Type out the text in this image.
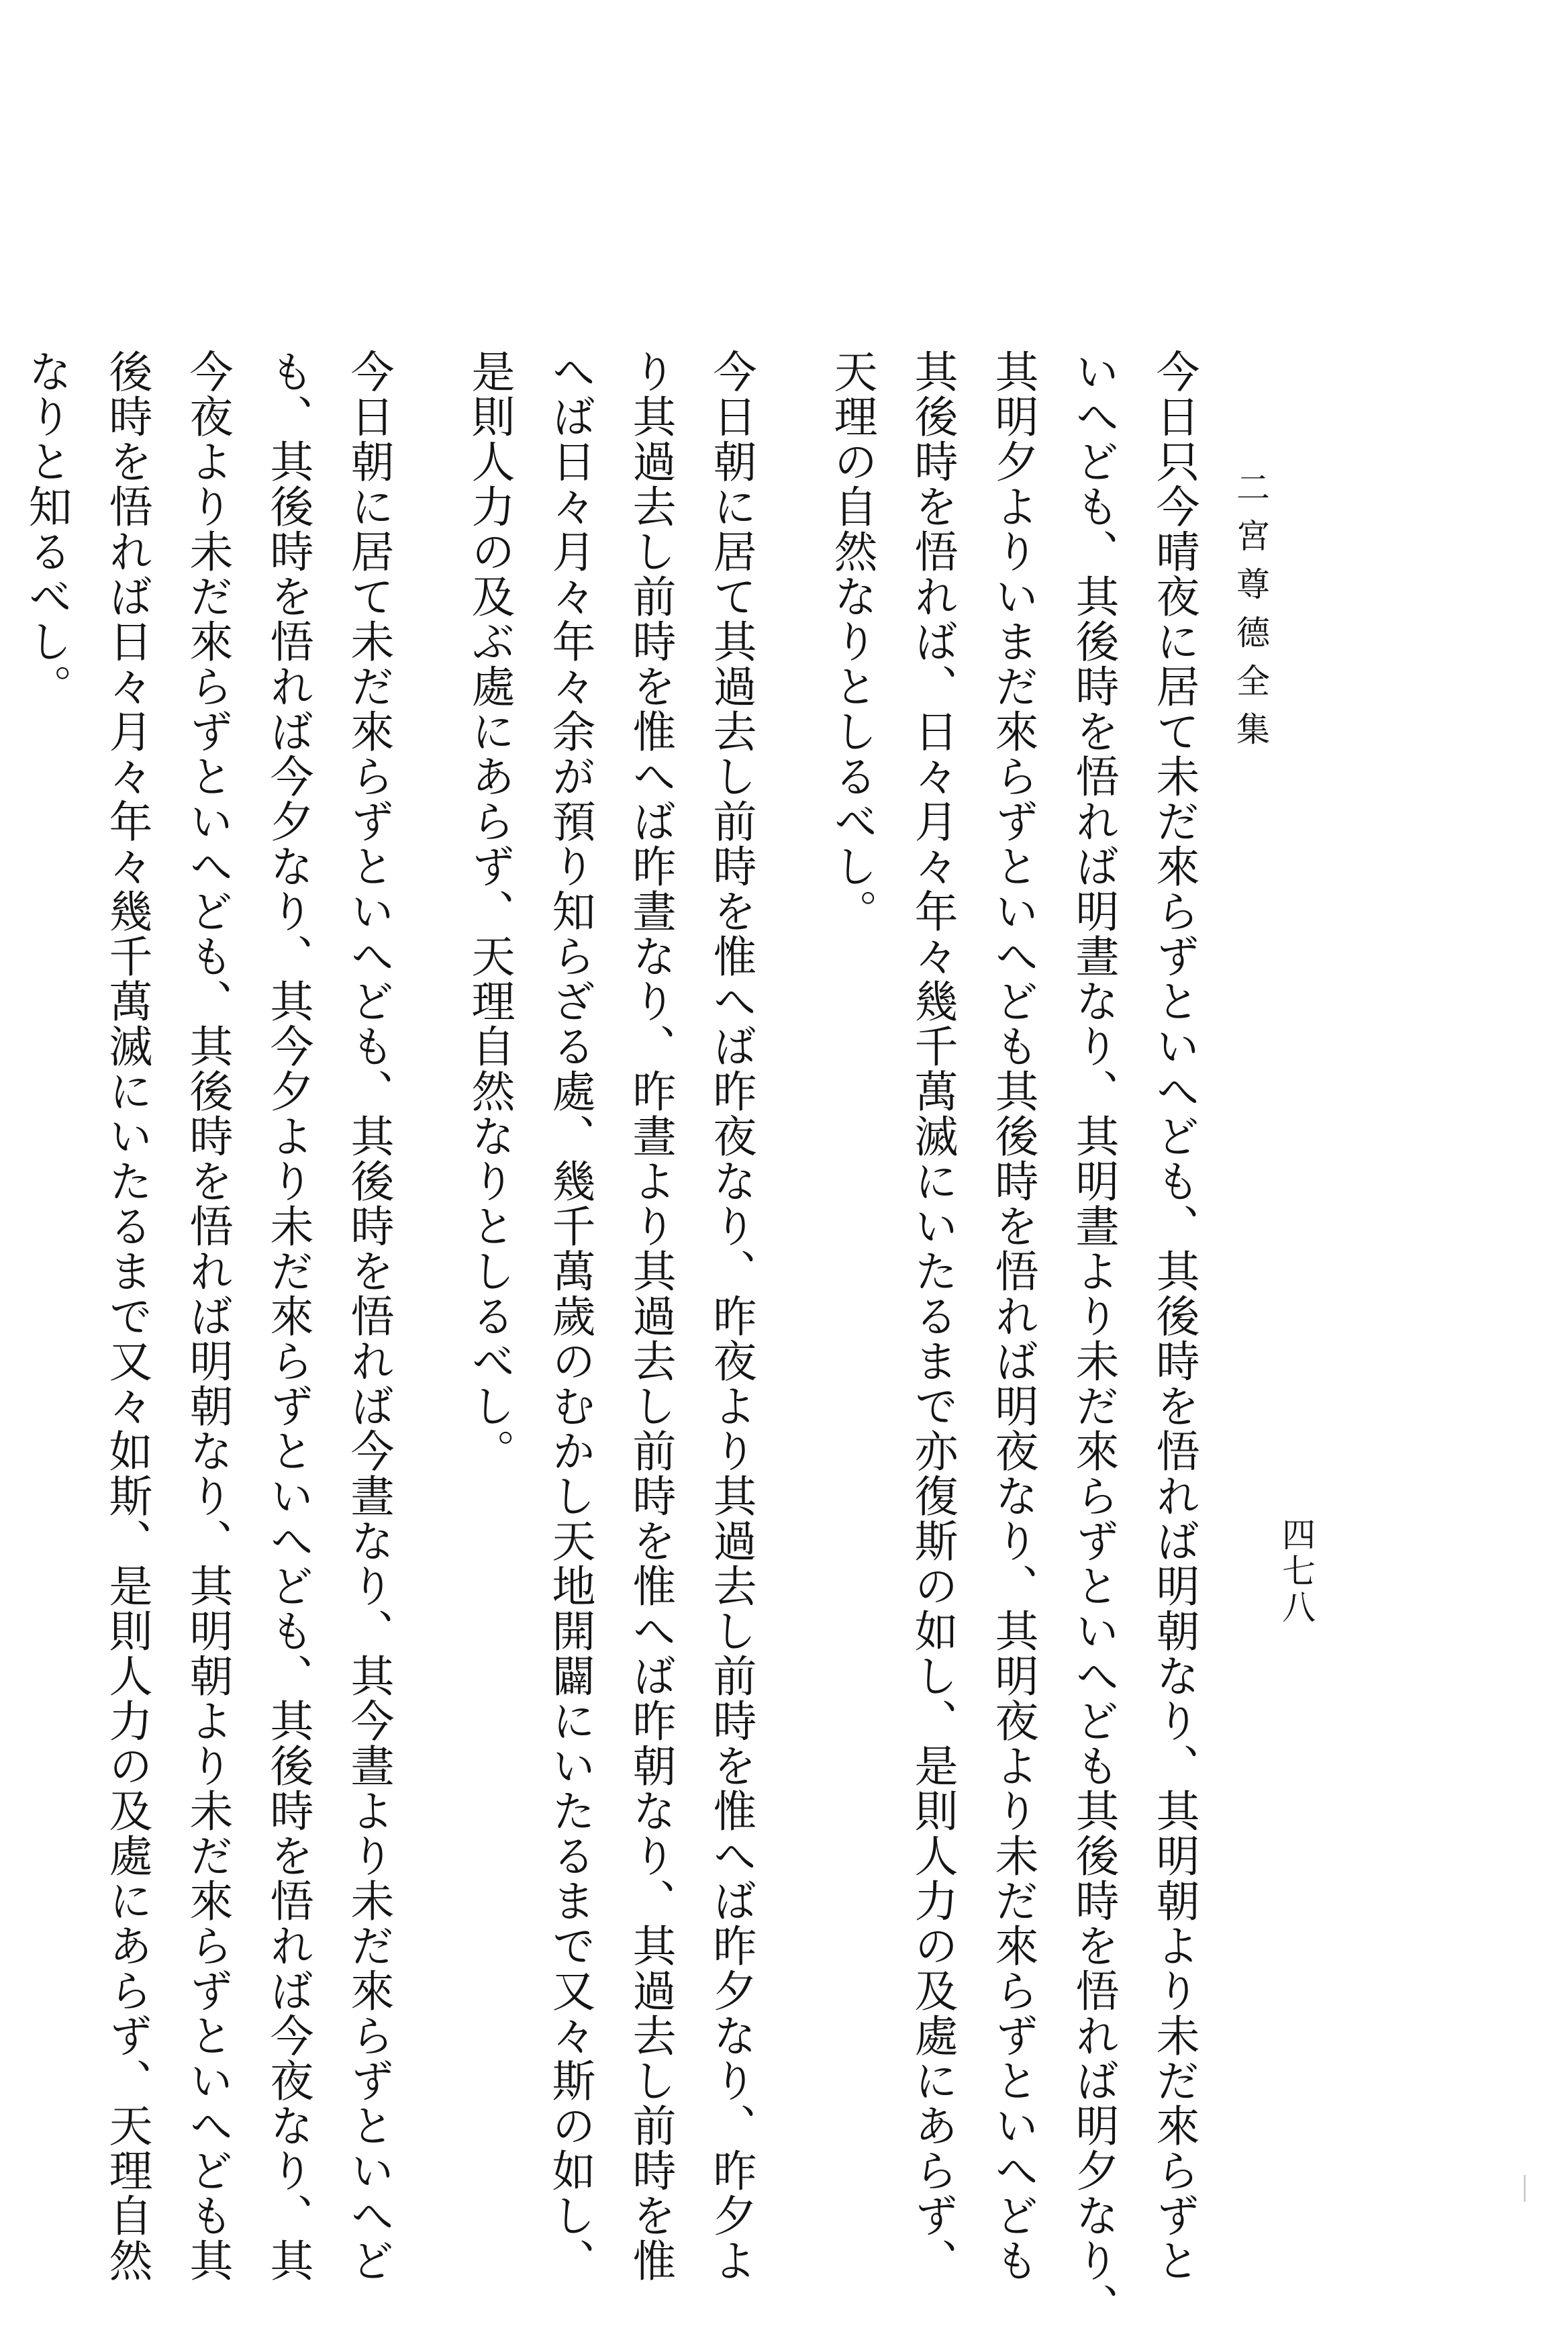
二宮尊德全集
四七八
今日只今晴夜に居て未だ來らずといへども、其後時を悟れば明朝なり、其明朝より未だ來らずと
いへども、其後時を悟れば明晝なり、其明晝より未だ來らずといへども其後時を悟れば明夕なり、
其明夕よりいまだ來らずといへども其後時を悟れば明夜なり、其明夜より未だ來らずといへども
其後時を悟れば、日々月々年々幾千萬滅にいたるまで亦復斯の如し、是則人力の及處にあらず、
天理の自然なりとしるべし。
今日朝に居て其過去し前時を惟へば昨夜なり、昨夜より其過去し前時を惟へば昨夕なり、昨夕よ
り其過去し前時を惟へば昨晝なり、昨晝より其過去し前時を惟へば昨朝なり、其過去し前時を惟
へば日々月々年々余が預り知らざる處、幾千萬歲のむかし天地開闢にいたるまで又々斯の如し、
是則人力の及ぶ處にあらず、天理自然なりとしるべし。
今日朝に居て未だ來らずといへども、其後時を悟れば今晝なり、其今晝より未だ來らずといへど
も、其後時を悟れば今夕なり、其今夕より未だ來らずといへども、其後時を悟れば今夜なり、其
今夜より未だ來らずといへども、其後時を悟れば明朝なり、其明朝より未だ來らずといへども其
後時を悟れば日々月々年々幾千萬滅にいたるまで又々如斯、是則人力の及處にあらず、天理自然
なりと知るべし。
